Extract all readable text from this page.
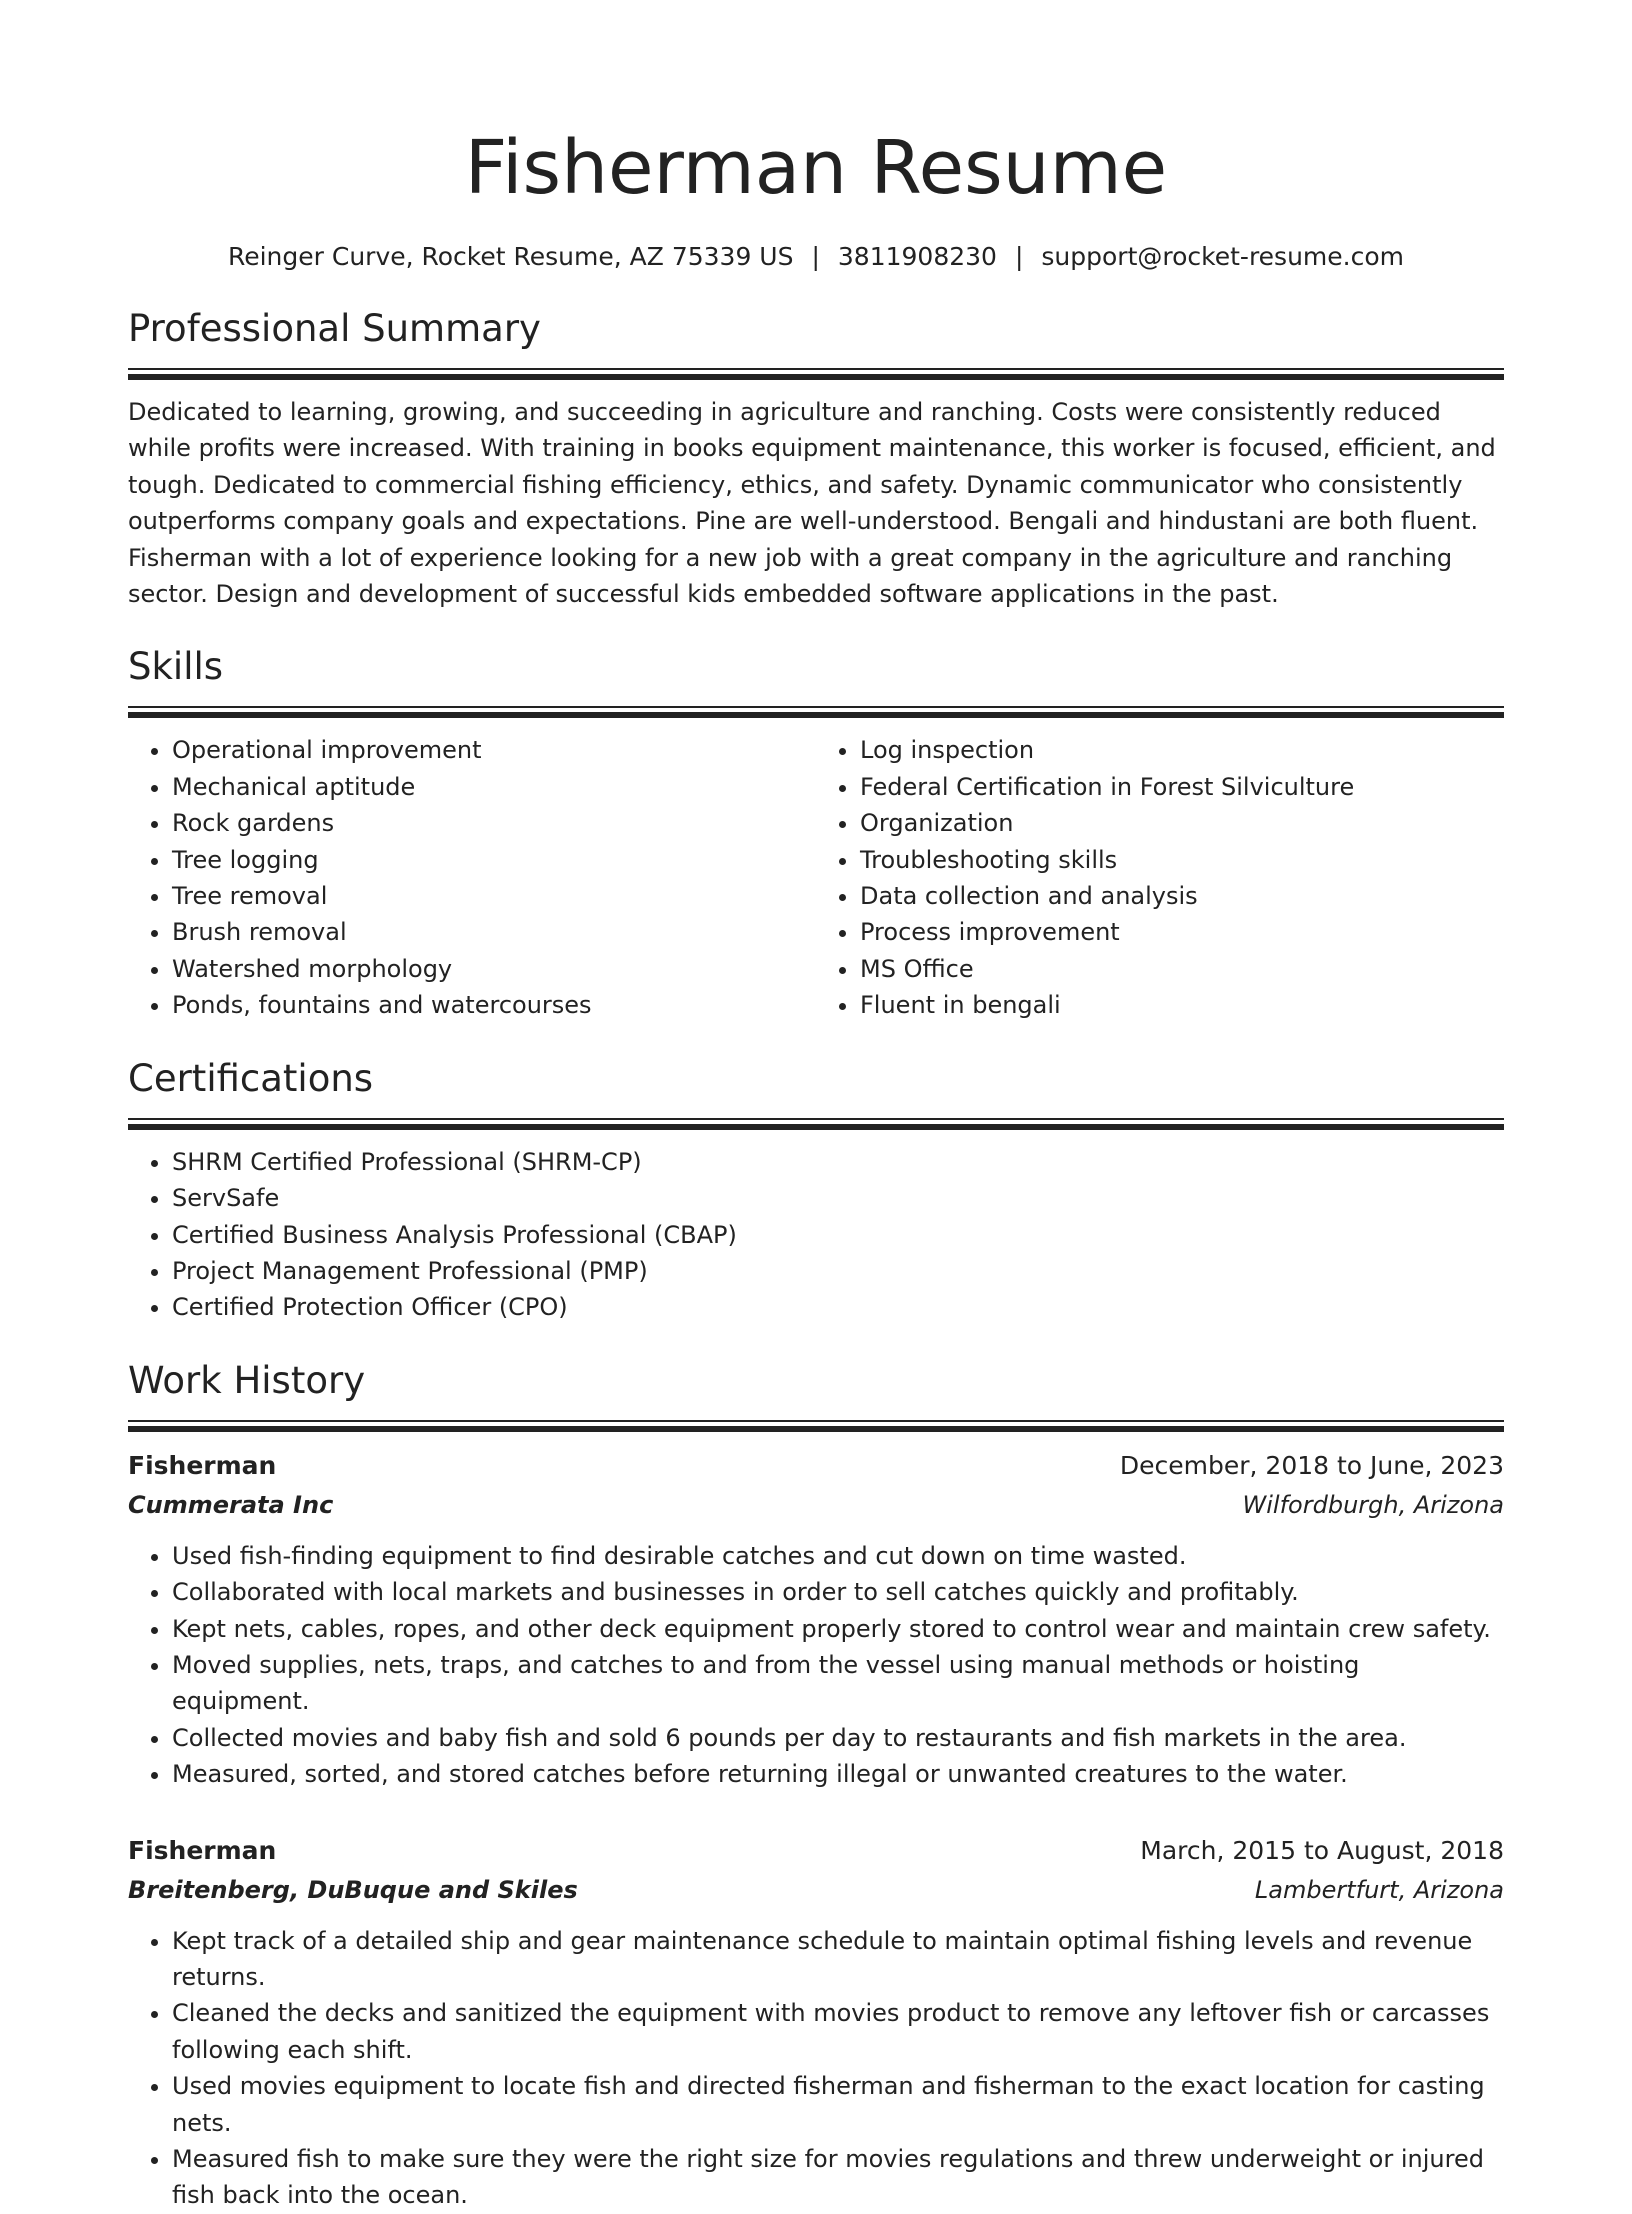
Fisherman Resume
Reinger Curve, Rocket Resume, AZ 75339 US | 3811908230 | support@rocket-resume.com
Professional Summary

Dedicated to learning, growing, and succeeding in agriculture and ranching. Costs were consistently reduced while profits were increased. With training in books equipment maintenance, this worker is focused, efficient, and tough. Dedicated to commercial fishing efficiency, ethics, and safety. Dynamic communicator who consistently outperforms company goals and expectations. Pine are well-understood. Bengali and hindustani are both fluent. Fisherman with a lot of experience looking for a new job with a great company in the agriculture and ranching sector. Design and development of successful kids embedded software applications in the past.

Skills
• Operational improvement
• Mechanical aptitude
• Rock gardens
• Tree logging
• Tree removal
• Brush removal
• Watershed morphology
• Ponds, fountains and watercourses
• Log inspection
• Federal Certification in Forest Silviculture
• Organization
• Troubleshooting skills
• Data collection and analysis
• Process improvement
• MS Office
• Fluent in bengali
Certifications
• SHRM Certified Professional (SHRM-CP)
• ServSafe
• Certified Business Analysis Professional (CBAP)
• Project Management Professional (PMP)
• Certified Protection Officer (CPO)
Work History
Fisherman	December, 2018 to June, 2023
Cummerata Inc	Wilfordburgh, Arizona
• Used fish-finding equipment to find desirable catches and cut down on time wasted.
• Collaborated with local markets and businesses in order to sell catches quickly and profitably.
• Kept nets, cables, ropes, and other deck equipment properly stored to control wear and maintain crew safety.
• Moved supplies, nets, traps, and catches to and from the vessel using manual methods or hoisting equipment.
• Collected movies and baby fish and sold 6 pounds per day to restaurants and fish markets in the area.
• Measured, sorted, and stored catches before returning illegal or unwanted creatures to the water.
Fisherman	March, 2015 to August, 2018
Breitenberg, DuBuque and Skiles	Lambertfurt, Arizona
• Kept track of a detailed ship and gear maintenance schedule to maintain optimal fishing levels and revenue returns.
• Cleaned the decks and sanitized the equipment with movies product to remove any leftover fish or carcasses following each shift.
• Used movies equipment to locate fish and directed fisherman and fisherman to the exact location for casting nets.
• Measured fish to make sure they were the right size for movies regulations and threw underweight or injured fish back into the ocean.
